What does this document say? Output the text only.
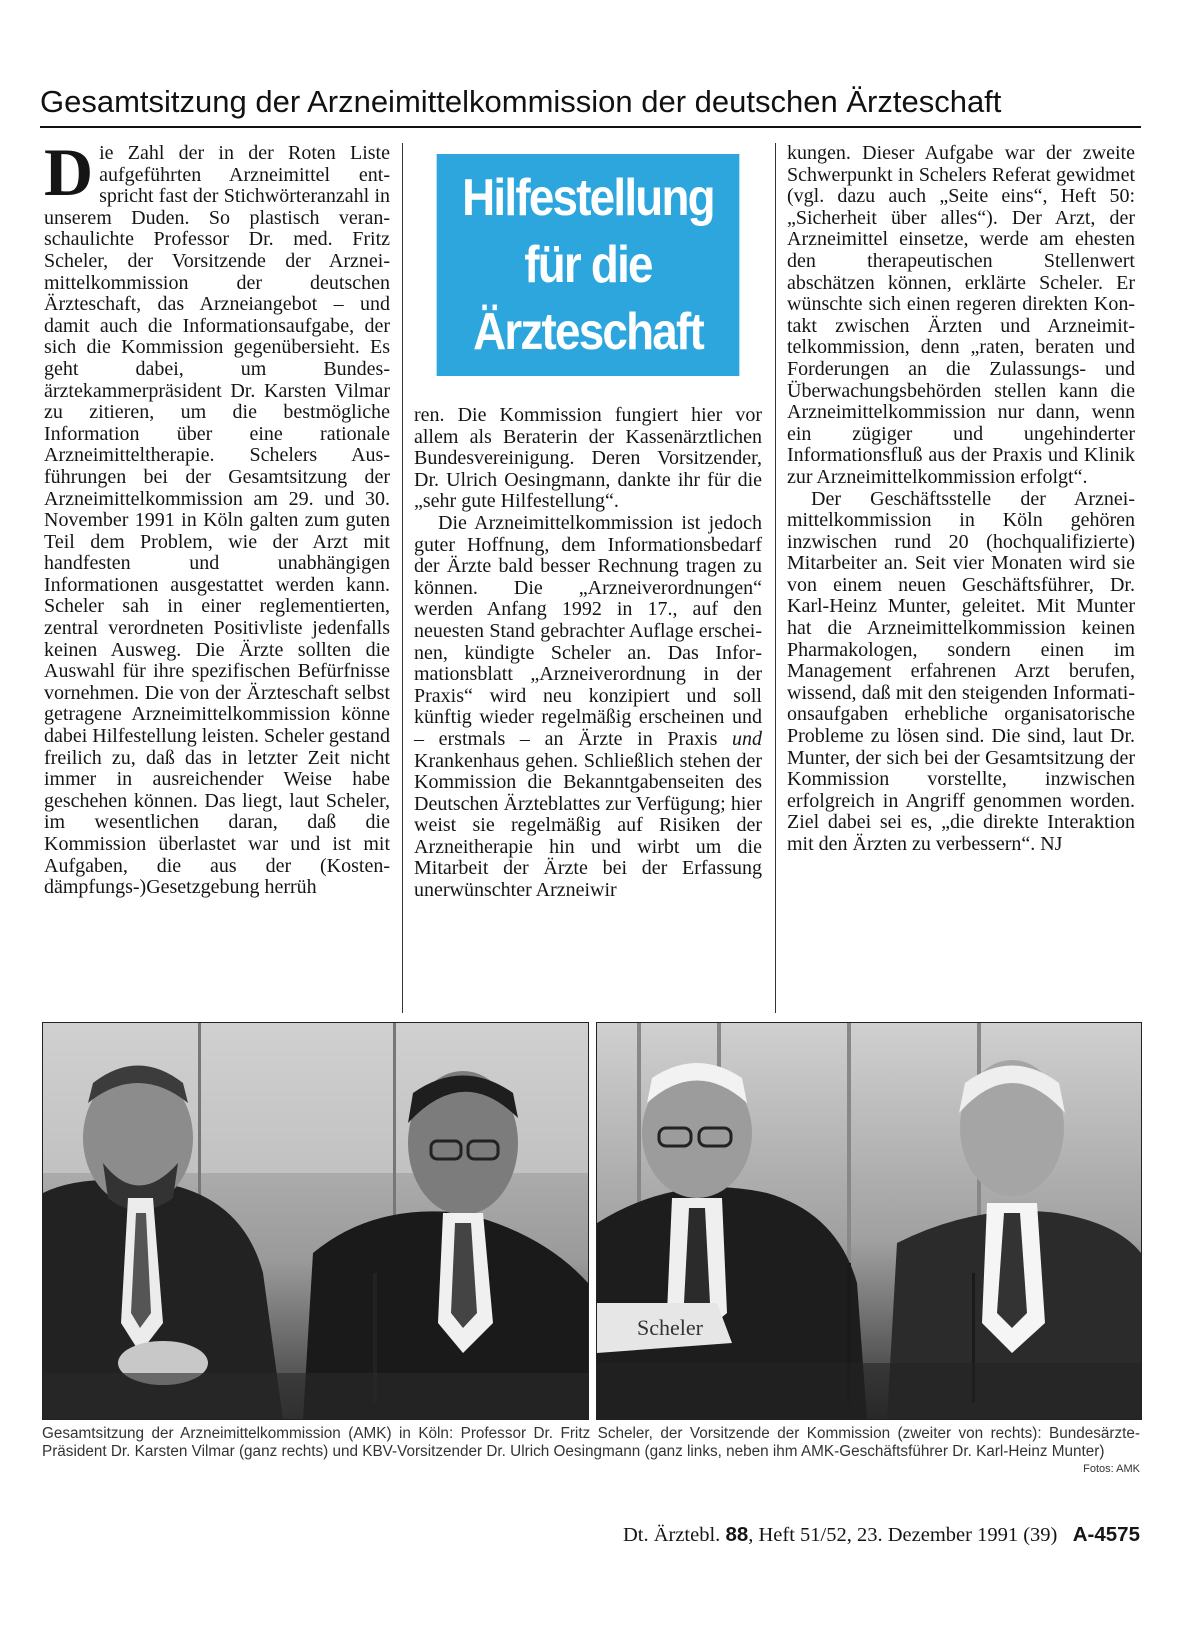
Gesamtsitzung der Arzneimittelkommission der deutschen Ärzteschaft

Die Zahl der in der Roten Liste aufgeführten Arzneimittel entspricht fast der Stichwörteranzahl in unserem Duden. So plastisch veranschaulichte Professor Dr. med. Fritz Scheler, der Vorsitzende der Arzneimittelkommission der deutschen Ärzteschaft, das Arzneiangebot – und damit auch die Informationsaufgabe, der sich die Kommission gegenübersieht. Es geht dabei, um Bundesärztekammerpräsident Dr. Karsten Vilmar zu zitieren, um die bestmögliche Information über eine rationale Arzneimitteltherapie. Schelers Ausführungen bei der Gesamtsitzung der Arzneimittelkommission am 29. und 30. November 1991 in Köln galten zum guten Teil dem Problem, wie der Arzt mit handfesten und unabhängigen Informationen ausgestattet werden kann. Scheler sah in einer reglementierten, zentral verordneten Positivliste jedenfalls keinen Ausweg. Die Ärzte sollten die Auswahl für ihre spezifischen Befürfnisse vornehmen. Die von der Ärzteschaft selbst getragene Arzneimittelkommission könne dabei Hilfestellung leisten. Scheler gestand freilich zu, daß das in letzter Zeit nicht immer in ausreichender Weise habe geschehen können. Das liegt, laut Scheler, im wesentlichen daran, daß die Kommission überlastet war und ist mit Aufgaben, die aus der (Kostendämpfungs-)Gesetzgebung herrüh

Hilfestellung
für die
Ärzteschaft

ren. Die Kommission fungiert hier vor allem als Beraterin der Kassenärztlichen Bundesvereinigung. Deren Vorsitzender, Dr. Ulrich Oesingmann, dankte ihr für die „sehr gute Hilfestellung“.

Die Arzneimittelkommission ist jedoch guter Hoffnung, dem Informationsbedarf der Ärzte bald besser Rechnung tragen zu können. Die „Arzneiverordnungen“ werden Anfang 1992 in 17., auf den neuesten Stand gebrachter Auflage erscheinen, kündigte Scheler an. Das Informationsblatt „Arzneiverordnung in der Praxis“ wird neu konzipiert und soll künftig wieder regelmäßig erscheinen und – erstmals – an Ärzte in Praxis und Krankenhaus gehen. Schließlich stehen der Kommission die Bekanntgabenseiten des Deutschen Ärzteblattes zur Verfügung; hier weist sie regelmäßig auf Risiken der Arzneitherapie hin und wirbt um die Mitarbeit der Ärzte bei der Erfassung unerwünschter Arzneiwir

kungen. Dieser Aufgabe war der zweite Schwerpunkt in Schelers Referat gewidmet (vgl. dazu auch „Seite eins“, Heft 50: „Sicherheit über alles“). Der Arzt, der Arzneimittel einsetze, werde am ehesten den therapeutischen Stellenwert abschätzen können, erklärte Scheler. Er wünschte sich einen regeren direkten Kontakt zwischen Ärzten und Arzneimittelkommission, denn „raten, beraten und Forderungen an die Zulassungs- und Überwachungsbehörden stellen kann die Arzneimittelkommission nur dann, wenn ein zügiger und ungehinderter Informationsfluß aus der Praxis und Klinik zur Arzneimittelkommission erfolgt“.

Der Geschäftsstelle der Arzneimittelkommission in Köln gehören inzwischen rund 20 (hochqualifizierte) Mitarbeiter an. Seit vier Monaten wird sie von einem neuen Geschäftsführer, Dr. Karl-Heinz Munter, geleitet. Mit Munter hat die Arzneimittelkommission keinen Pharmakologen, sondern einen im Management erfahrenen Arzt berufen, wissend, daß mit den steigenden Informationsaufgaben erhebliche organisatorische Probleme zu lösen sind. Die sind, laut Dr. Munter, der sich bei der Gesamtsitzung der Kommission vorstellte, inzwischen erfolgreich in Angriff genommen worden. Ziel dabei sei es, „die direkte Interaktion mit den Ärzten zu verbessern“. NJ

Scheler
Gesamtsitzung der Arzneimittelkommission (AMK) in Köln: Professor Dr. Fritz Scheler, der Vorsitzende der Kommission (zweiter von rechts): Bundesärzte-Präsident Dr. Karsten Vilmar (ganz rechts) und KBV-Vorsitzender Dr. Ulrich Oesingmann (ganz links, neben ihm AMK-Geschäftsführer Dr. Karl-Heinz Munter)
Fotos: AMK
Dt. Ärztebl. 88, Heft 51/52, 23. Dezember 1991 (39) A-4575
